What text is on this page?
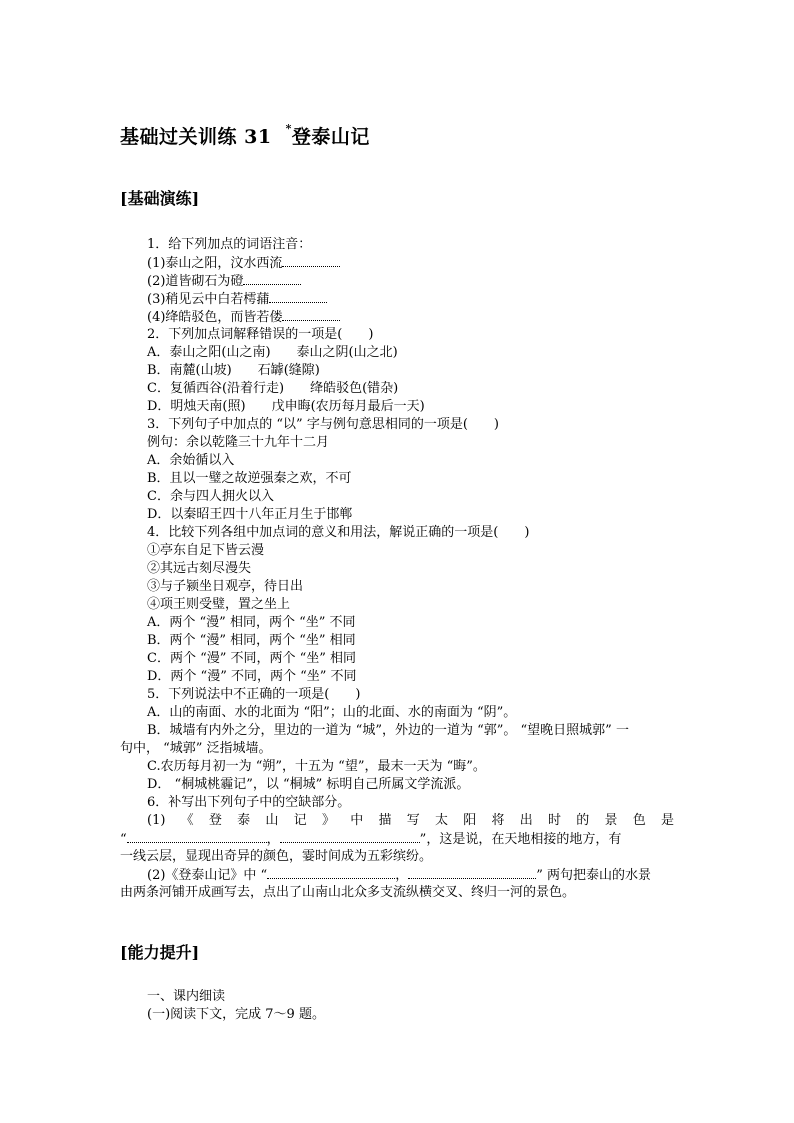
基础过关训练 31 *登泰山记
[基础演练]
1．给下列加点的词语注音：
(1)泰山之阳，汶水西流
(2)道皆砌石为磴
(3)稍见云中白若樗蒱
(4)绛皓驳色，而皆若偻
2．下列加点词解释错误的一项是(　　)
A．泰山之阳(山之南)　　泰山之阴(山之北)
B．南麓(山坡)　　石罅(缝隙)
C．复循西谷(沿着行走)　　绛皓驳色(错杂)
D．明烛天南(照)　　戊申晦(农历每月最后一天)
3．下列句子中加点的 “以” 字与例句意思相同的一项是(　　)
例句：余以乾隆三十九年十二月
A．余始循以入
B．且以一璧之故逆强秦之欢，不可
C．余与四人拥火以入
D．以秦昭王四十八年正月生于邯郸
4．比较下列各组中加点词的意义和用法，解说正确的一项是(　　)
①亭东自足下皆云漫
②其远古刻尽漫失
③与子颍坐日观亭，待日出
④项王则受璧，置之坐上
A．两个 “漫” 相同，两个 “坐” 不同
B．两个 “漫” 相同，两个 “坐” 相同
C．两个 “漫” 不同，两个 “坐” 相同
D．两个 “漫” 不同，两个 “坐” 不同
5．下列说法中不正确的一项是(　　)
A．山的南面、水的北面为 “阳”；山的北面、水的南面为 “阴”。
B．城墙有内外之分，里边的一道为 “城”，外边的一道为 “郭”。 “望晚日照城郭” 一
句中， “城郭” 泛指城墙。
C.农历每月初一为 “朔”，十五为 “望”，最末一天为 “晦”。
D． “桐城桃霾记”，以 “桐城” 标明自己所属文学流派。
6．补写出下列句子中的空缺部分。
(1)《登泰山记》中描写太阳将出时的景色是
“	，	”，这是说，在天地相接的地方，有
一线云层，显现出奇异的颜色，霎时间成为五彩缤纷。
(2)《登泰山记》中 “	，	” 两句把泰山的水景
由两条河铺开成画写去，点出了山南山北众多支流纵横交叉、终归一河的景色。
[能力提升]
一、课内细读
(一)阅读下文，完成 7～9 题。
